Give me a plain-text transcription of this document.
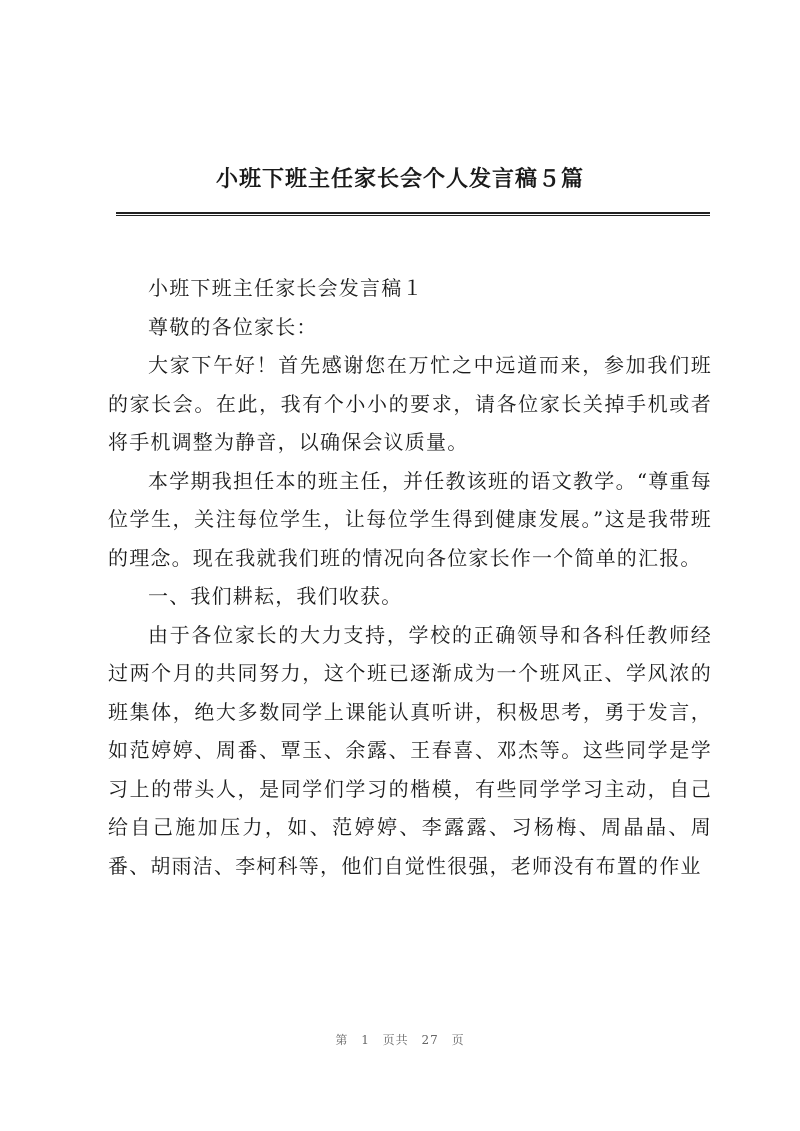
小班下班主任家长会个人发言稿５篇

小班下班主任家长会发言稿１

尊敬的各位家长：

大家下午好！首先感谢您在万忙之中远道而来，参加我们班的家长会。在此，我有个小小的要求，请各位家长关掉手机或者将手机调整为静音，以确保会议质量。

本学期我担任本的班主任，并任教该班的语文教学。“尊重每位学生，关注每位学生，让每位学生得到健康发展。”这是我带班的理念。现在我就我们班的情况向各位家长作一个简单的汇报。

一、我们耕耘，我们收获。

由于各位家长的大力支持，学校的正确领导和各科任教师经过两个月的共同努力，这个班已逐渐成为一个班风正、学风浓的班集体，绝大多数同学上课能认真听讲，积极思考，勇于发言，如范婷婷、周番、覃玉、余露、王春喜、邓杰等。这些同学是学习上的带头人，是同学们学习的楷模，有些同学学习主动，自己给自己施加压力，如、范婷婷、李露露、习杨梅、周晶晶、周番、胡雨洁、李柯科等，他们自觉性很强，老师没有布置的作业

第 1 页共 27 页
